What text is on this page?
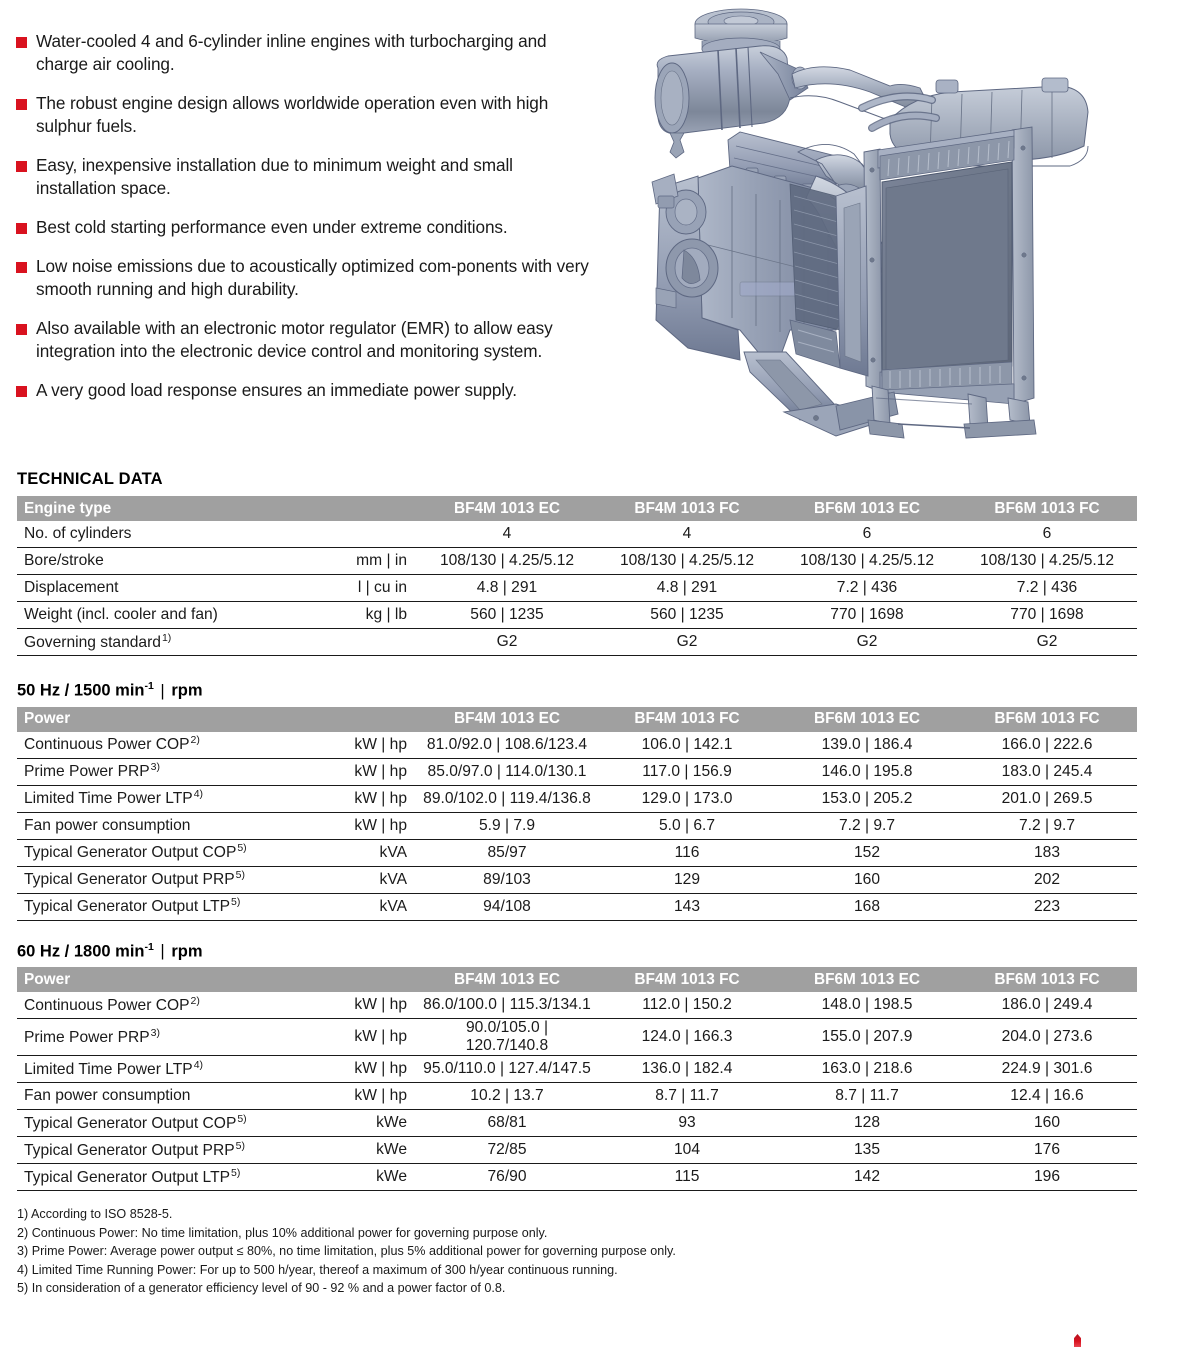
Water-cooled 4 and 6-cylinder inline engines with turbocharging and charge air cooling.
The robust engine design allows worldwide operation even with high sulphur fuels.
Easy, inexpensive installation due to minimum weight and small installation space.
Best cold starting performance even under extreme conditions.
Low noise emissions due to acoustically optimized com-ponents with very smooth running and high durability.
Also available with an electronic motor regulator (EMR) to allow easy integration into the electronic device control and monitoring system.
A very good load response ensures an immediate power supply.
TECHNICAL DATA
Engine type		BF4M 1013 EC	BF4M 1013 FC	BF6M 1013 EC	BF6M 1013 FC
No. of cylinders		4	4	6	6
Bore/stroke	mm | in	108/130 | 4.25/5.12	108/130 | 4.25/5.12	108/130 | 4.25/5.12	108/130 | 4.25/5.12
Displacement	l | cu in	4.8 | 291	4.8 | 291	7.2 | 436	7.2 | 436
Weight (incl. cooler and fan)	kg | lb	560 | 1235	560 | 1235	770 | 1698	770 | 1698
Governing standard$^{1)}$		G2	G2	G2	G2
50 Hz / 1500 $\min^{-1}$ | rpm
Power		BF4M 1013 EC	BF4M 1013 FC	BF6M 1013 EC	BF6M 1013 FC
Continuous Power COP$^{2)}$	kW | hp	81.0/92.0 | 108.6/123.4	106.0 | 142.1	139.0 | 186.4	166.0 | 222.6
Prime Power PRP$^{3)}$	kW | hp	85.0/97.0 | 114.0/130.1	117.0 | 156.9	146.0 | 195.8	183.0 | 245.4
Limited Time Power LTP$^{4)}$	kW | hp	89.0/102.0 | 119.4/136.8	129.0 | 173.0	153.0 | 205.2	201.0 | 269.5
Fan power consumption	kW | hp	5.9 | 7.9	5.0 | 6.7	7.2 | 9.7	7.2 | 9.7
Typical Generator Output COP$^{5)}$	kVA	85/97	116	152	183
Typical Generator Output PRP$^{5)}$	kVA	89/103	129	160	202
Typical Generator Output LTP$^{5)}$	kVA	94/108	143	168	223
60 Hz / 1800 $\min^{-1}$ | rpm
Power		BF4M 1013 EC	BF4M 1013 FC	BF6M 1013 EC	BF6M 1013 FC
Continuous Power COP$^{2)}$	kW | hp	86.0/100.0 | 115.3/134.1	112.0 | 150.2	148.0 | 198.5	186.0 | 249.4
Prime Power PRP$^{3)}$	kW | hp	90.0/105.0 | 120.7/140.8	124.0 | 166.3	155.0 | 207.9	204.0 | 273.6
Limited Time Power LTP$^{4)}$	kW | hp	95.0/110.0 | 127.4/147.5	136.0 | 182.4	163.0 | 218.6	224.9 | 301.6
Fan power consumption	kW | hp	10.2 | 13.7	8.7 | 11.7	8.7 | 11.7	12.4 | 16.6
Typical Generator Output COP$^{5)}$	kWe	68/81	93	128	160
Typical Generator Output PRP$^{5)}$	kWe	72/85	104	135	176
Typical Generator Output LTP$^{5)}$	kWe	76/90	115	142	196
1) According to ISO 8528-5.
2) Continuous Power: No time limitation, plus 10% additional power for governing purpose only.
3) Prime Power: Average power output ≤ 80%, no time limitation, plus 5% additional power for governing purpose only.
4) Limited Time Running Power: For up to 500 h/year, thereof a maximum of 300 h/year continuous running.
5) In consideration of a generator efficiency level of 90 - 92 % and a power factor of 0.8.
